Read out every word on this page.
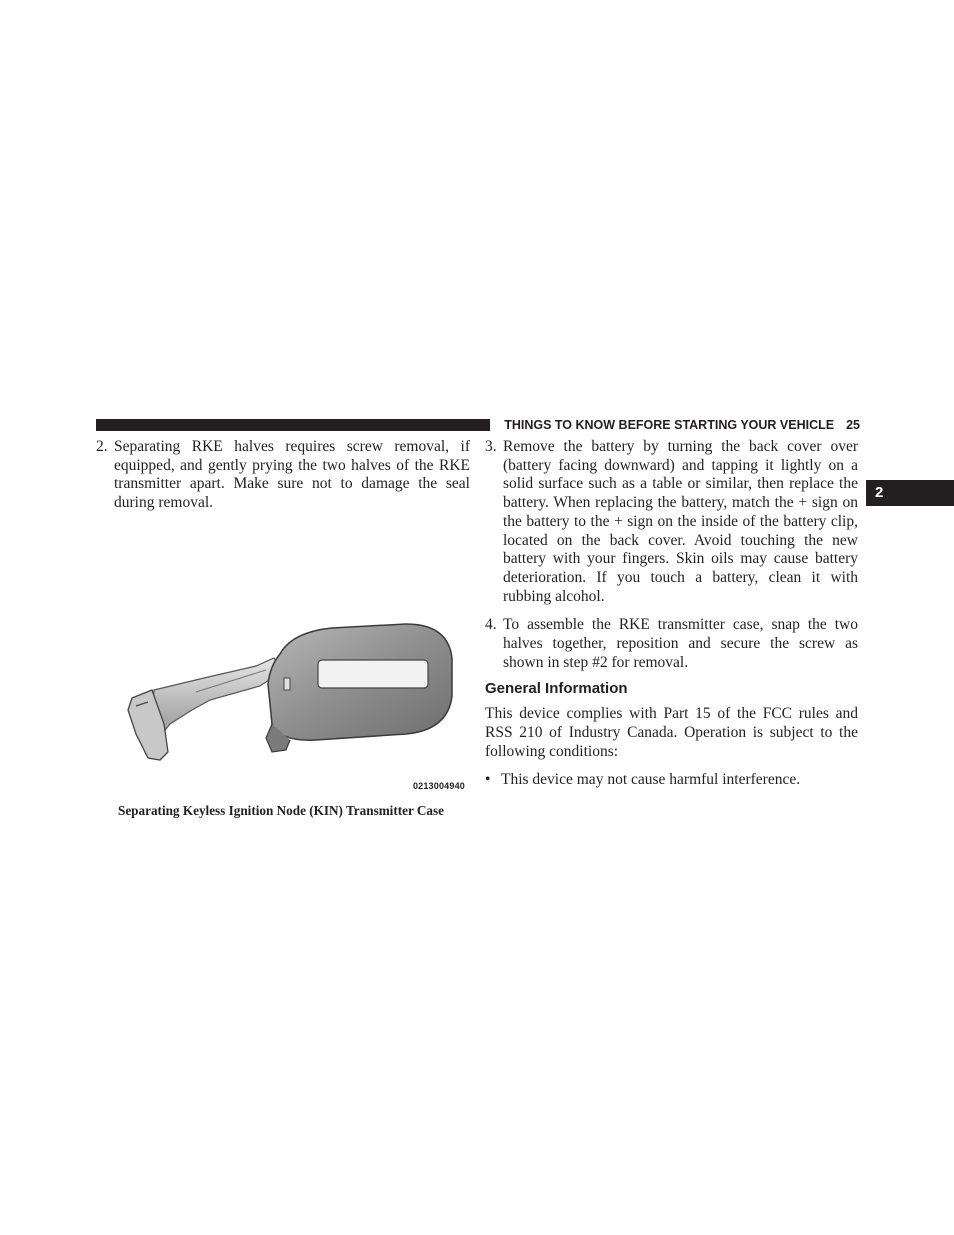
THINGS TO KNOW BEFORE STARTING YOUR VEHICLE 25
2
2. Separating RKE halves requires screw removal, if equipped, and gently prying the two halves of the RKE transmitter apart. Make sure not to damage the seal during removal.
0213004940
Separating Keyless Ignition Node (KIN) Transmitter Case
3. Remove the battery by turning the back cover over (battery facing downward) and tapping it lightly on a solid surface such as a table or similar, then replace the battery. When replacing the battery, match the + sign on the battery to the + sign on the inside of the battery clip, located on the back cover. Avoid touching the new battery with your fingers. Skin oils may cause battery deterioration. If you touch a battery, clean it with rubbing alcohol.
4. To assemble the RKE transmitter case, snap the two halves together, reposition and secure the screw as shown in step #2 for removal.
General Information
This device complies with Part 15 of the FCC rules and RSS 210 of Industry Canada. Operation is subject to the following conditions:
• This device may not cause harmful interference.
